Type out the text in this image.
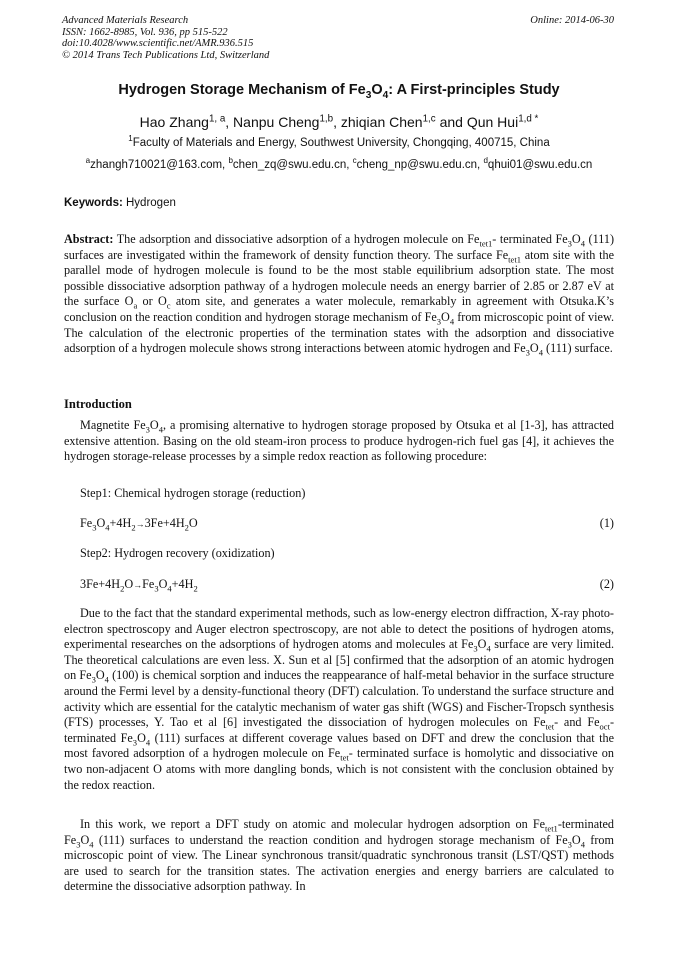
Advanced Materials Research
ISSN: 1662-8985, Vol. 936, pp 515-522
doi:10.4028/www.scientific.net/AMR.936.515
© 2014 Trans Tech Publications Ltd, Switzerland
Online: 2014-06-30
Hydrogen Storage Mechanism of $Fe_3O_4$: A First-principles Study
Hao Zhang$^{1, a}$, Nanpu Cheng$^{1,b}$, zhiqian Chen$^{1,c}$ and Qun Hui$^{1,d *}$
$^1$Faculty of Materials and Energy, Southwest University, Chongqing, 400715, China
$^a$zhangh710021@163.com, $^b$chen_zq@swu.edu.cn, $^c$cheng_np@swu.edu.cn, $^d$qhui01@swu.edu.cn
Keywords: Hydrogen

Abstract: The adsorption and dissociative adsorption of a hydrogen molecule on $Fe_{tet1}-$ terminated $Fe_3O_4$ (111) surfaces are investigated within the framework of density function theory. The surface $Fe_{tet1}$ atom site with the parallel mode of hydrogen molecule is found to be the most stable equilibrium adsorption state. The most possible dissociative adsorption pathway of a hydrogen molecule needs an energy barrier of 2.85 or 2.87 eV at the surface $O_a$ or $O_c$ atom site, and generates a water molecule, remarkably in agreement with Otsuka.K’s conclusion on the reaction condition and hydrogen storage mechanism of $Fe_3O_4$ from microscopic point of view. The calculation of the electronic properties of the termination states with the adsorption and dissociative adsorption of a hydrogen molecule shows strong interactions between atomic hydrogen and $Fe_3O_4$ (111) surface.

Introduction

Magnetite $Fe_3O_4$, a promising alternative to hydrogen storage proposed by Otsuka et al [1-3], has attracted extensive attention. Basing on the old steam-iron process to produce hydrogen-rich fuel gas [4], it achieves the hydrogen storage-release processes by a simple redox reaction as following procedure:

Step1: Chemical hydrogen storage (reduction)
$Fe_3O_4+4H_2\to 3Fe+4H_2O$	(1)
Step2: Hydrogen recovery (oxidization)
$3Fe+4H_2O\to Fe_3O_4+4H_2$	(2)

Due to the fact that the standard experimental methods, such as low-energy electron diffraction, X-ray photo-electron spectroscopy and Auger electron spectroscopy, are not able to detect the positions of hydrogen atoms, experimental researches on the adsorptions of hydrogen atoms and molecules at $Fe_3O_4$ surface are very limited. The theoretical calculations are even less. X. Sun et al [5] confirmed that the adsorption of an atomic hydrogen on $Fe_3O_4$ (100) is chemical sorption and induces the reappearance of half-metal behavior in the surface structure around the Fermi level by a density-functional theory (DFT) calculation. To understand the surface structure and activity which are essential for the catalytic mechanism of water gas shift (WGS) and Fischer-Tropsch synthesis (FTS) processes, Y. Tao et al [6] investigated the dissociation of hydrogen molecules on $Fe_{tet}-$ and $Fe_{oct}-$ terminated $Fe_3O_4$ (111) surfaces at different coverage values based on DFT and drew the conclusion that the most favored adsorption of a hydrogen molecule on $Fe_{tet}-$ terminated surface is homolytic and dissociative on two non-adjacent O atoms with more dangling bonds, which is not consistent with the conclusion obtained by the redox reaction.

In this work, we report a DFT study on atomic and molecular hydrogen adsorption on $Fe_{tet1}$-terminated $Fe_3O_4$ (111) surfaces to understand the reaction condition and hydrogen storage mechanism of $Fe_3O_4$ from microscopic point of view. The Linear synchronous transit/quadratic synchronous transit (LST/QST) methods are used to search for the transition states. The activation energies and energy barriers are calculated to determine the dissociative adsorption pathway. In
